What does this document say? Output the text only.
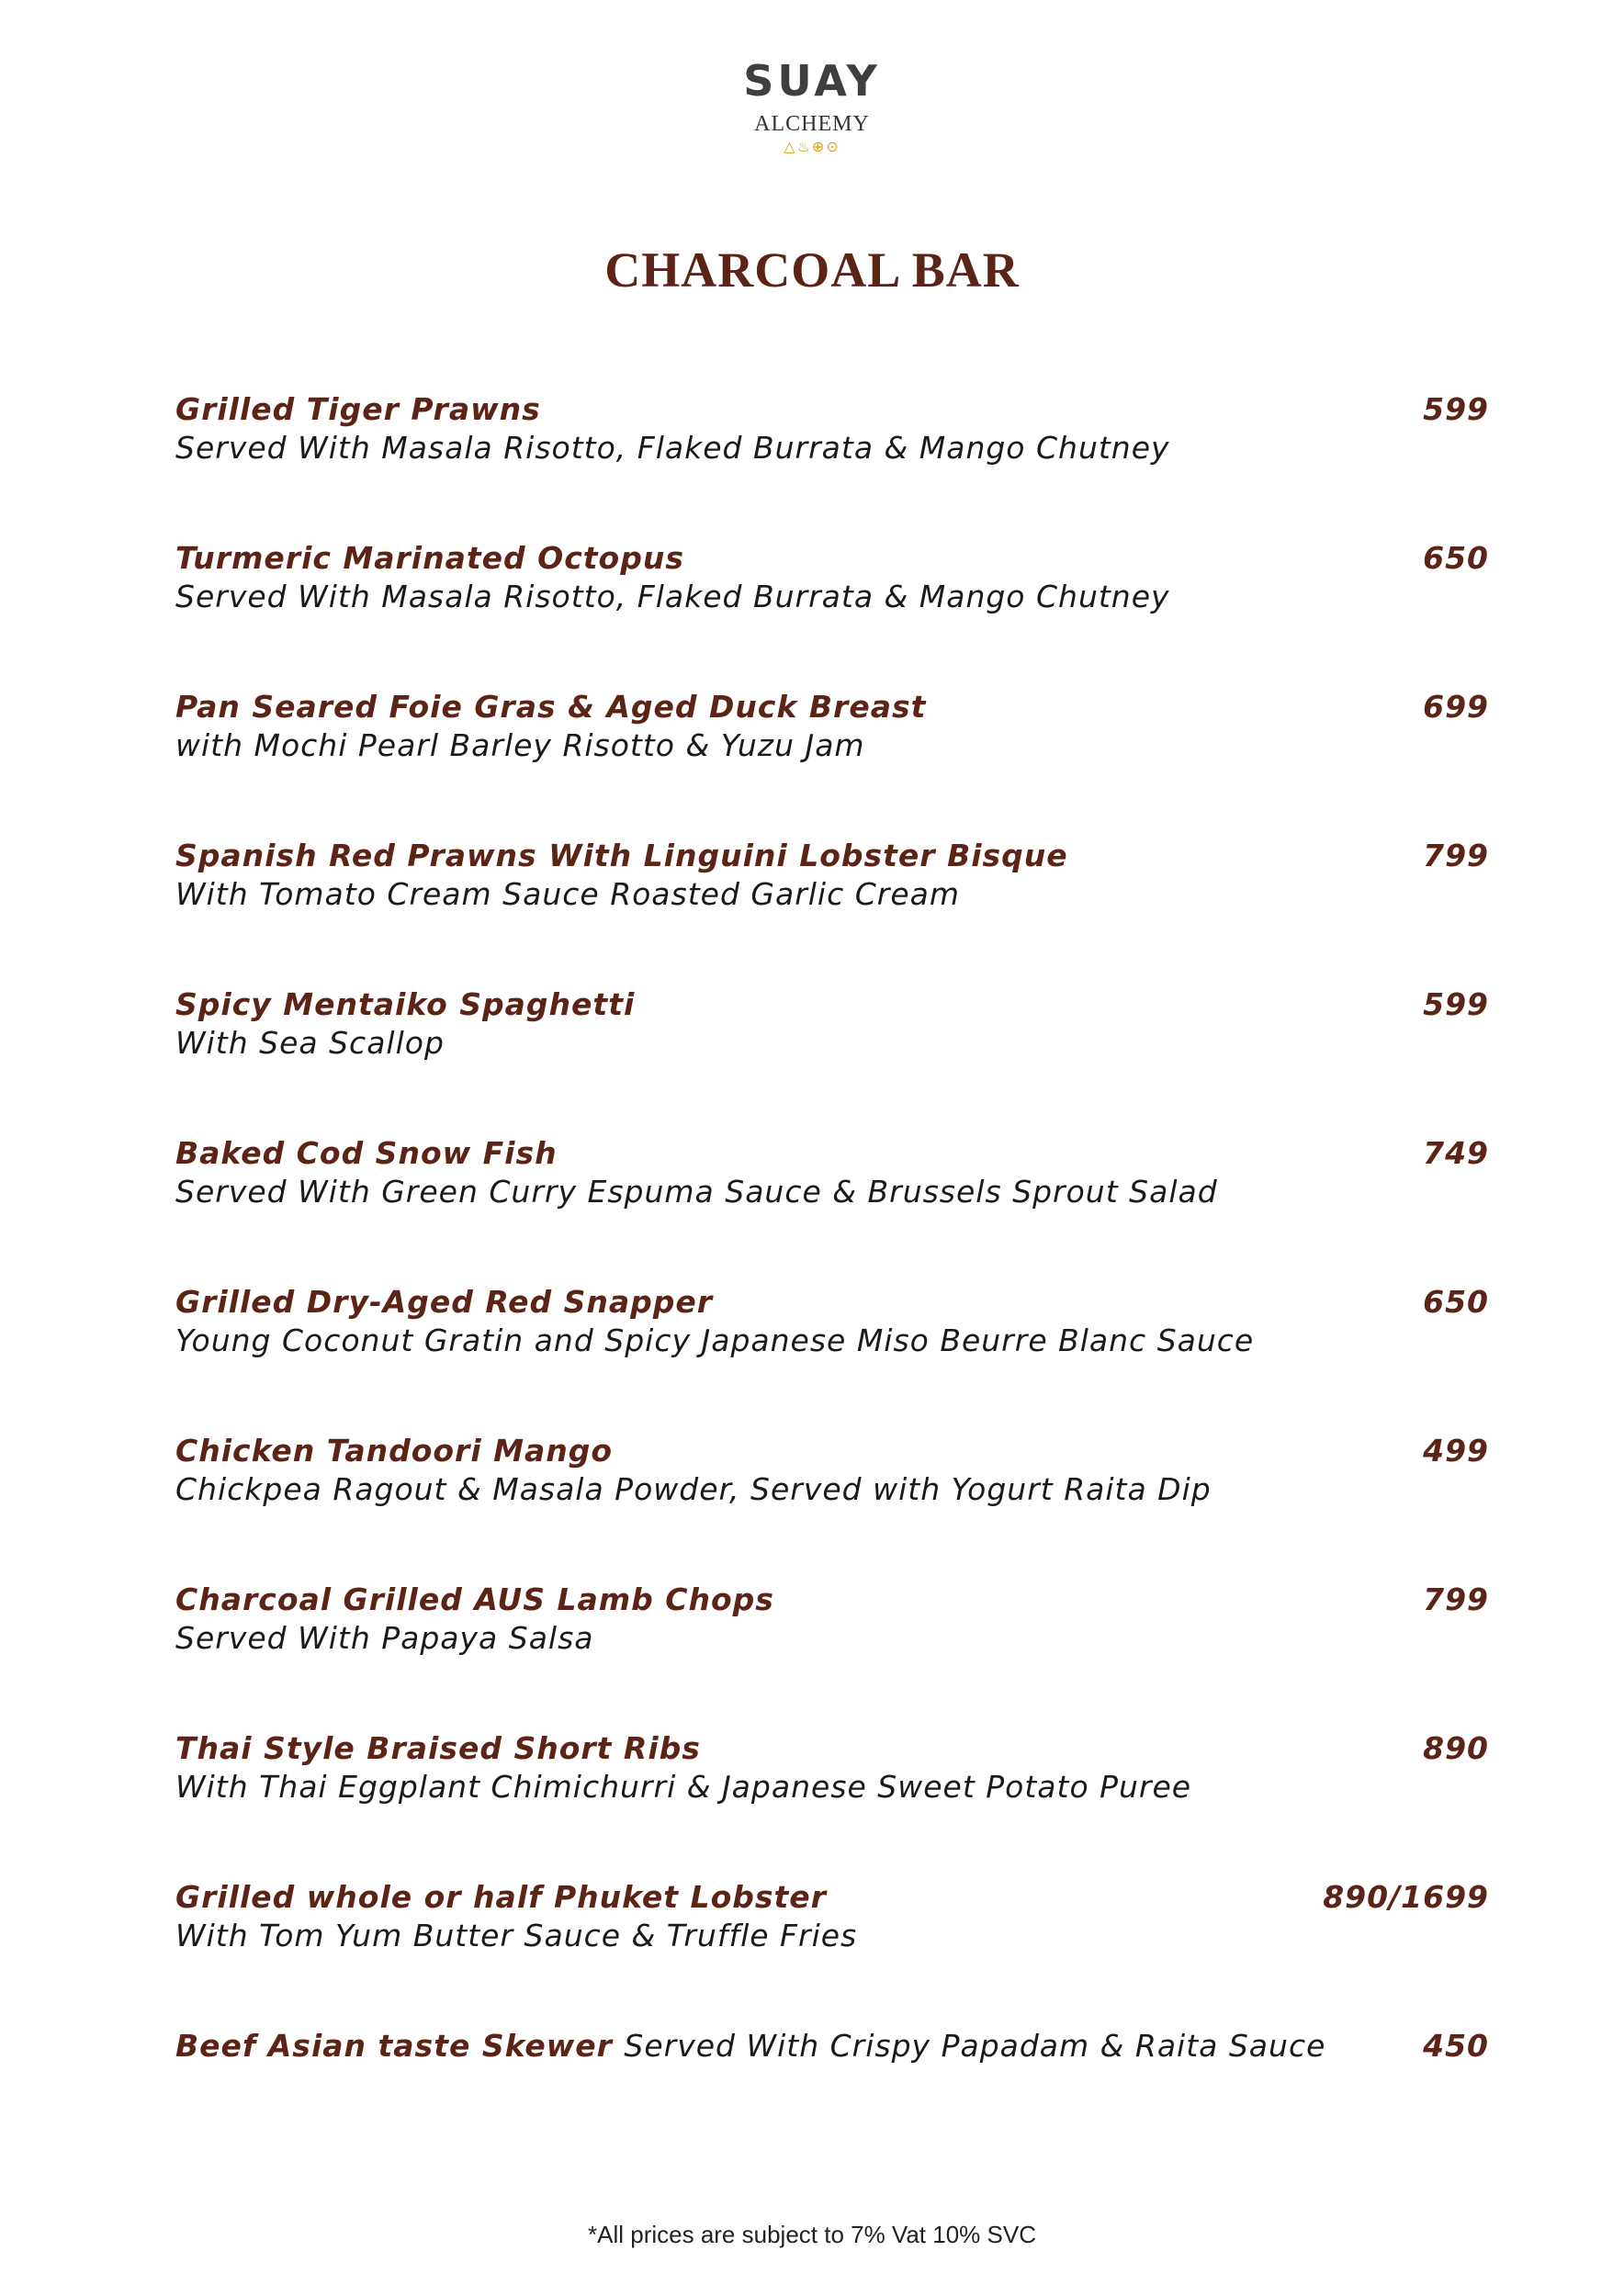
SUAY
ALCHEMY
△♨⊕⊙
CHARCOAL BAR
Grilled Tiger Prawns	599
Served With Masala Risotto, Flaked Burrata & Mango Chutney
Turmeric Marinated Octopus	650
Served With Masala Risotto, Flaked Burrata & Mango Chutney
Pan Seared Foie Gras & Aged Duck Breast	699
with Mochi Pearl Barley Risotto & Yuzu Jam
Spanish Red Prawns With Linguini Lobster Bisque	799
With Tomato Cream Sauce Roasted Garlic Cream
Spicy Mentaiko Spaghetti	599
With Sea Scallop
Baked Cod Snow Fish	749
Served With Green Curry Espuma Sauce & Brussels Sprout Salad
Grilled Dry-Aged Red Snapper	650
Young Coconut Gratin and Spicy Japanese Miso Beurre Blanc Sauce
Chicken Tandoori Mango	499
Chickpea Ragout & Masala Powder, Served with Yogurt Raita Dip
Charcoal Grilled AUS Lamb Chops	799
Served With Papaya Salsa
Thai Style Braised Short Ribs	890
With Thai Eggplant Chimichurri & Japanese Sweet Potato Puree
Grilled whole or half Phuket Lobster	890/1699
With Tom Yum Butter Sauce & Truffle Fries
Beef Asian taste Skewer Served With Crispy Papadam & Raita Sauce	450
*All prices are subject to 7% Vat 10% SVC
